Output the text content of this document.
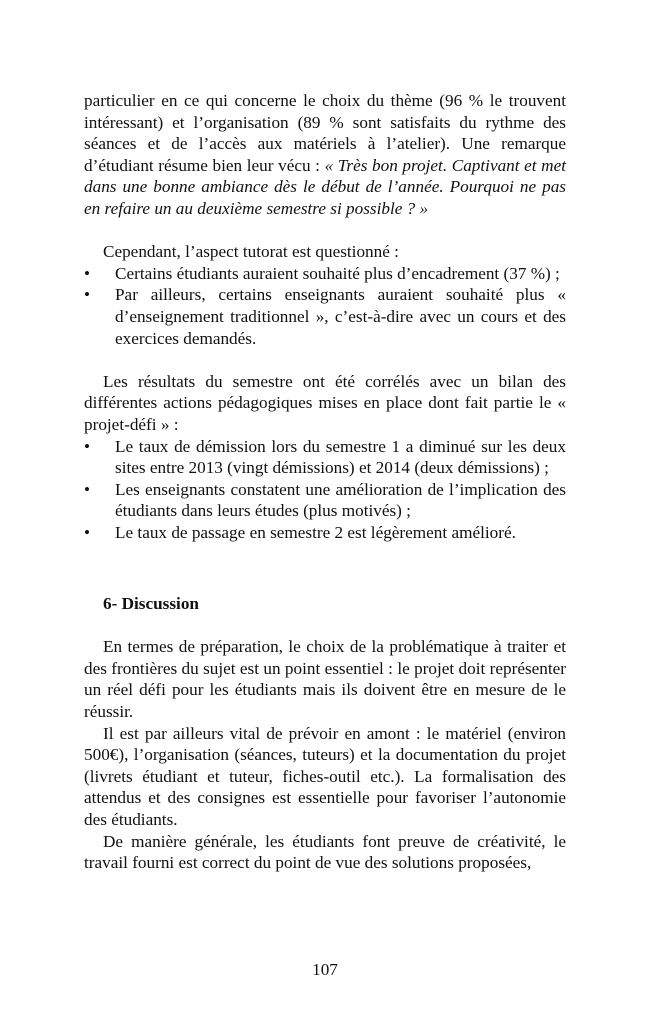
particulier en ce qui concerne le choix du thème (96 % le trouvent intéressant) et l’organisation (89 % sont satisfaits du rythme des séances et de l’accès aux matériels à l’atelier). Une remarque d’étudiant résume bien leur vécu : « Très bon projet. Captivant et met dans une bonne ambiance dès le début de l’année. Pourquoi ne pas en refaire un au deuxième semestre si possible ? »

Cependant, l’aspect tutorat est questionné :

•	Certains étudiants auraient souhaité plus d’encadrement (37 %) ;
•	Par ailleurs, certains enseignants auraient souhaité plus « d’enseignement traditionnel », c’est-à-dire avec un cours et des exercices demandés.

Les résultats du semestre ont été corrélés avec un bilan des différentes actions pédagogiques mises en place dont fait partie le « projet-défi » :

•	Le taux de démission lors du semestre 1 a diminué sur les deux sites entre 2013 (vingt démissions) et 2014 (deux démissions) ;
•	Les enseignants constatent une amélioration de l’implication des étudiants dans leurs études (plus motivés) ;
•	Le taux de passage en semestre 2 est légèrement amélioré.
6- Discussion

En termes de préparation, le choix de la problématique à traiter et des frontières du sujet est un point essentiel : le projet doit représenter un réel défi pour les étudiants mais ils doivent être en mesure de le réussir.

Il est par ailleurs vital de prévoir en amont : le matériel (environ 500€), l’organisation (séances, tuteurs) et la documentation du projet (livrets étudiant et tuteur, fiches-outil etc.). La formalisation des attendus et des consignes est essentielle pour favoriser l’autonomie des étudiants.

De manière générale, les étudiants font preuve de créativité, le travail fourni est correct du point de vue des solutions proposées,

107
